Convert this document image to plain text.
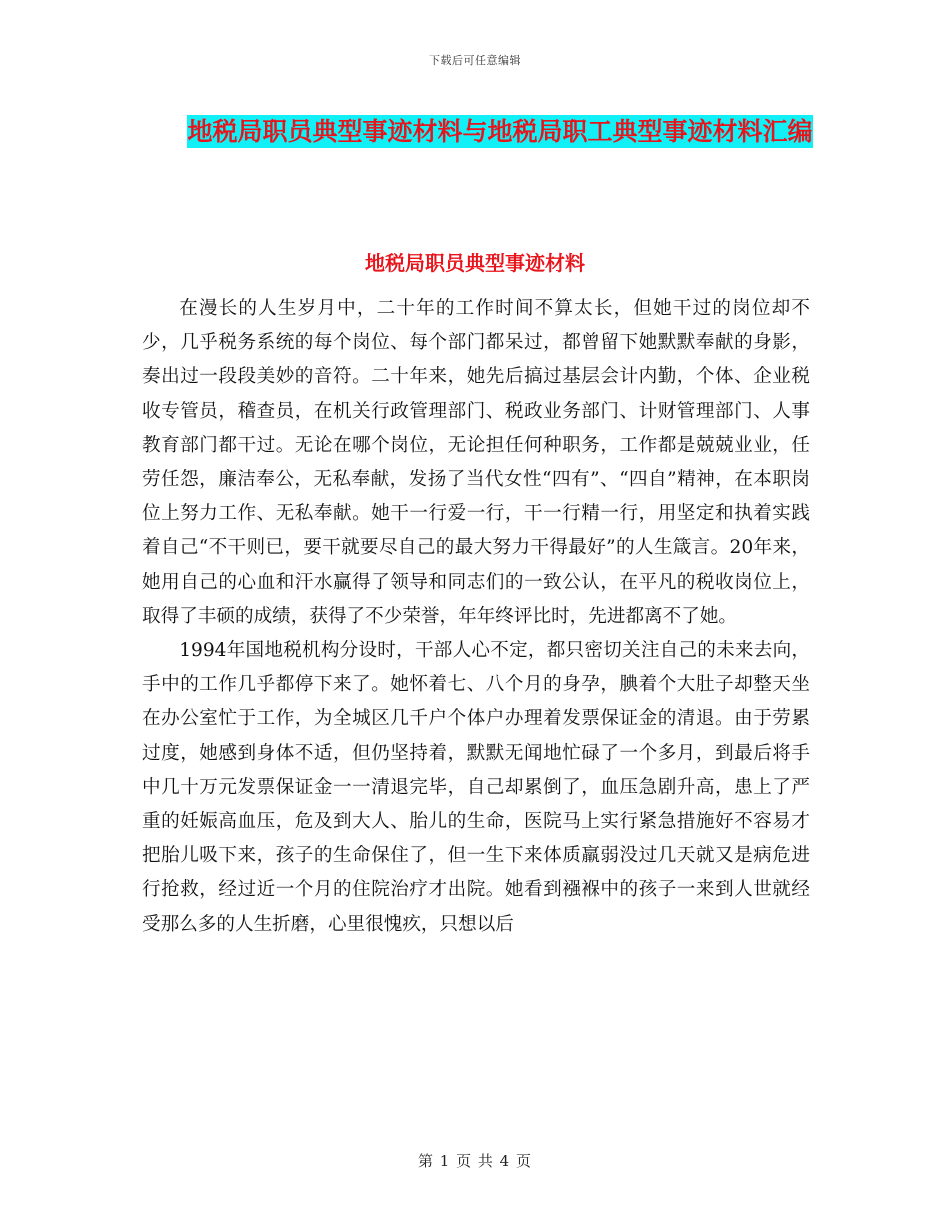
下载后可任意编辑
地税局职员典型事迹材料与地税局职工典型事迹材料汇编
地税局职员典型事迹材料

在漫长的人生岁月中，二十年的工作时间不算太长，但她干过的岗位却不少，几乎税务系统的每个岗位、每个部门都呆过，都曾留下她默默奉献的身影，奏出过一段段美妙的音符。二十年来，她先后搞过基层会计内勤，个体、企业税收专管员，稽查员，在机关行政管理部门、税政业务部门、计财管理部门、人事教育部门都干过。无论在哪个岗位，无论担任何种职务，工作都是兢兢业业，任劳任怨，廉洁奉公，无私奉献，发扬了当代女性“四有”、“四自”精神，在本职岗位上努力工作、无私奉献。她干一行爱一行，干一行精一行，用坚定和执着实践着自己“不干则已，要干就要尽自己的最大努力干得最好”的人生箴言。20年来，她用自己的心血和汗水赢得了领导和同志们的一致公认，在平凡的税收岗位上，取得了丰硕的成绩，获得了不少荣誉，年年终评比时，先进都离不了她。

1994年国地税机构分设时，干部人心不定，都只密切关注自己的未来去向，手中的工作几乎都停下来了。她怀着七、八个月的身孕，腆着个大肚子却整天坐在办公室忙于工作，为全城区几千户个体户办理着发票保证金的清退。由于劳累过度，她感到身体不适，但仍坚持着，默默无闻地忙碌了一个多月，到最后将手中几十万元发票保证金一一清退完毕，自己却累倒了，血压急剧升高，患上了严重的妊娠高血压，危及到大人、胎儿的生命，医院马上实行紧急措施好不容易才把胎儿吸下来，孩子的生命保住了，但一生下来体质羸弱没过几天就又是病危进行抢救，经过近一个月的住院治疗才出院。她看到襁褓中的孩子一来到人世就经受那么多的人生折磨，心里很愧疚，只想以后

第 1 页 共 4 页
